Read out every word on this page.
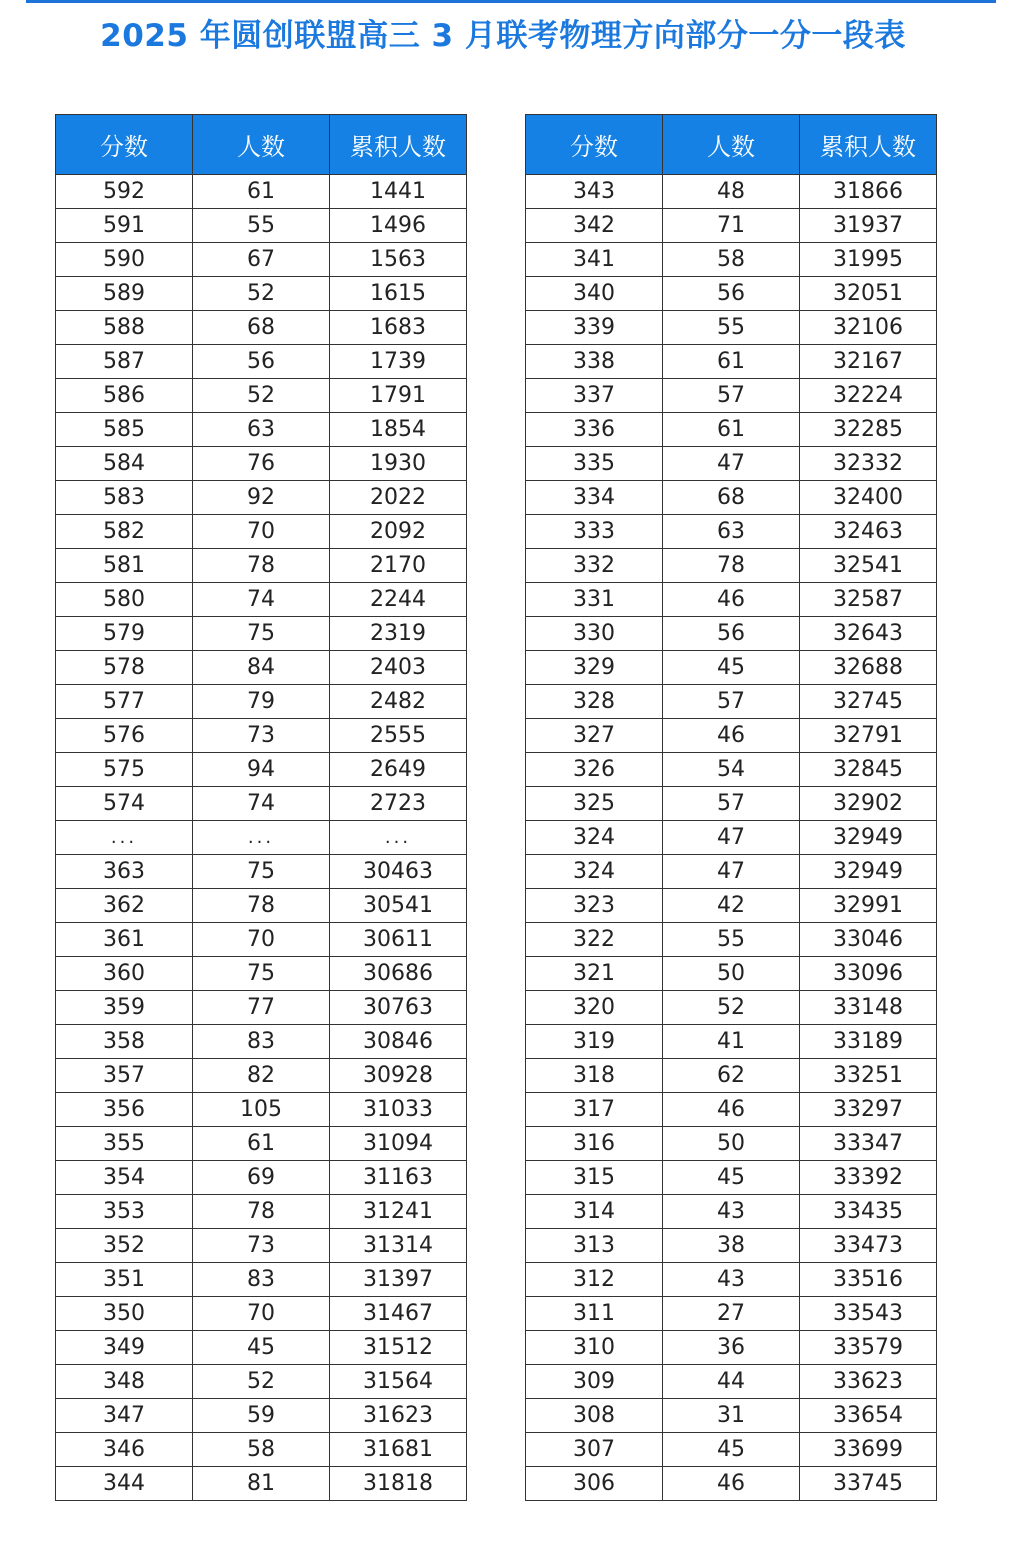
2025 年圆创联盟高三 3 月联考物理方向部分一分一段表
分数	人数	累积人数
592	61	1441
591	55	1496
590	67	1563
589	52	1615
588	68	1683
587	56	1739
586	52	1791
585	63	1854
584	76	1930
583	92	2022
582	70	2092
581	78	2170
580	74	2244
579	75	2319
578	84	2403
577	79	2482
576	73	2555
575	94	2649
574	74	2723
...	...	...
363	75	30463
362	78	30541
361	70	30611
360	75	30686
359	77	30763
358	83	30846
357	82	30928
356	105	31033
355	61	31094
354	69	31163
353	78	31241
352	73	31314
351	83	31397
350	70	31467
349	45	31512
348	52	31564
347	59	31623
346	58	31681
344	81	31818
分数	人数	累积人数
343	48	31866
342	71	31937
341	58	31995
340	56	32051
339	55	32106
338	61	32167
337	57	32224
336	61	32285
335	47	32332
334	68	32400
333	63	32463
332	78	32541
331	46	32587
330	56	32643
329	45	32688
328	57	32745
327	46	32791
326	54	32845
325	57	32902
324	47	32949
324	47	32949
323	42	32991
322	55	33046
321	50	33096
320	52	33148
319	41	33189
318	62	33251
317	46	33297
316	50	33347
315	45	33392
314	43	33435
313	38	33473
312	43	33516
311	27	33543
310	36	33579
309	44	33623
308	31	33654
307	45	33699
306	46	33745
